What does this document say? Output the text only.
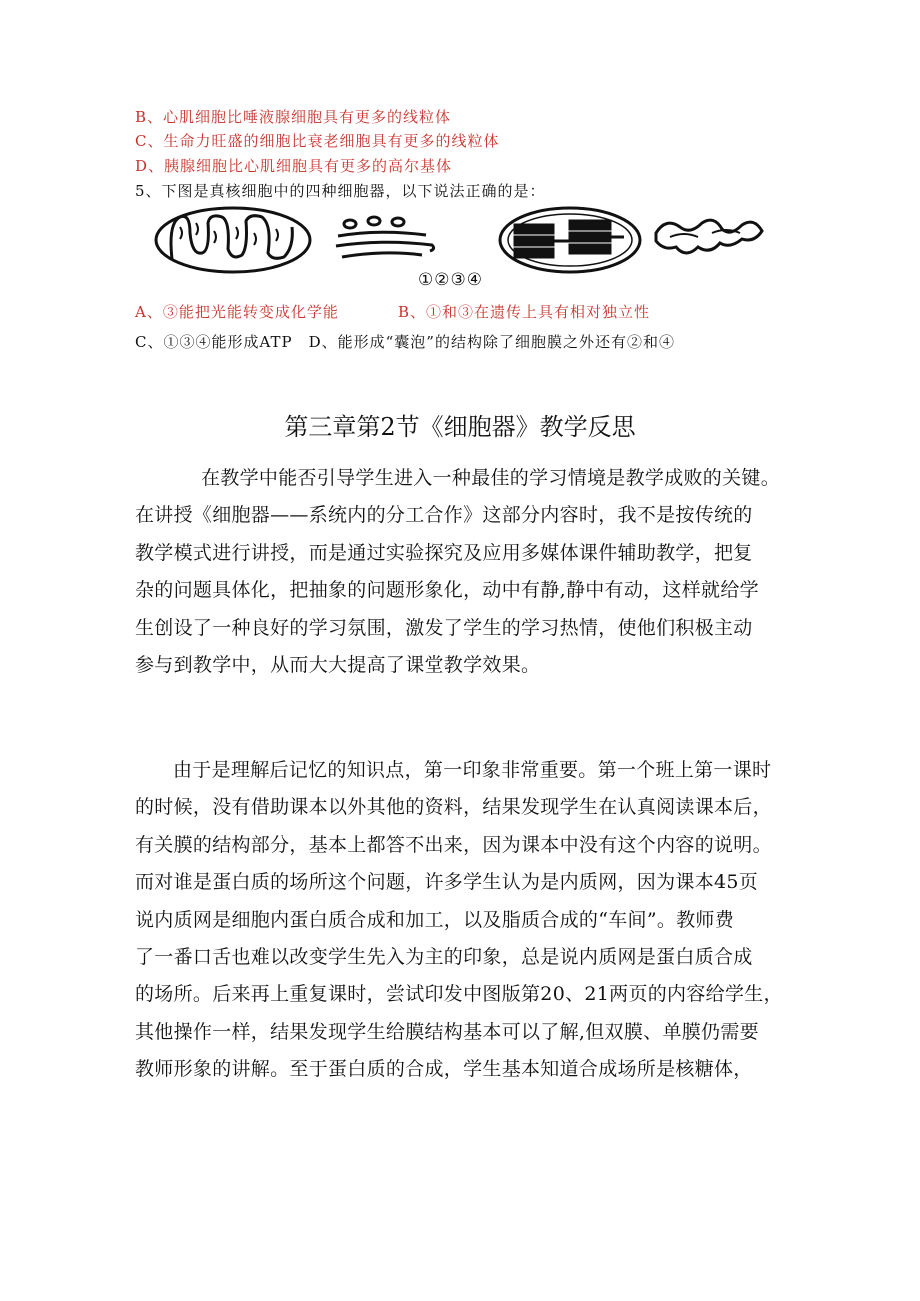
B、心肌细胞比唾液腺细胞具有更多的线粒体
C、生命力旺盛的细胞比衰老细胞具有更多的线粒体
D、胰腺细胞比心肌细胞具有更多的高尔基体
5、下图是真核细胞中的四种细胞器，以下说法正确的是：
①②③④
A、③能把光能转变成化学能	B、①和③在遗传上具有相对独立性
C、①③④能形成ATP　D、能形成“囊泡”的结构除了细胞膜之外还有②和④
第三章第2节《细胞器》教学反思
在教学中能否引导学生进入一种最佳的学习情境是教学成败的关键。
在讲授《细胞器——系统内的分工合作》这部分内容时，我不是按传统的
教学模式进行讲授，而是通过实验探究及应用多媒体课件辅助教学，把复
杂的问题具体化，把抽象的问题形象化，动中有静,静中有动，这样就给学
生创设了一种良好的学习氛围，激发了学生的学习热情，使他们积极主动
参与到教学中，从而大大提高了课堂教学效果。
由于是理解后记忆的知识点，第一印象非常重要。第一个班上第一课时
的时候，没有借助课本以外其他的资料，结果发现学生在认真阅读课本后，
有关膜的结构部分，基本上都答不出来，因为课本中没有这个内容的说明。
而对谁是蛋白质的场所这个问题，许多学生认为是内质网，因为课本45页
说内质网是细胞内蛋白质合成和加工，以及脂质合成的“车间”。教师费
了一番口舌也难以改变学生先入为主的印象，总是说内质网是蛋白质合成
的场所。后来再上重复课时，尝试印发中图版第20、21两页的内容给学生，
其他操作一样，结果发现学生给膜结构基本可以了解,但双膜、单膜仍需要
教师形象的讲解。至于蛋白质的合成，学生基本知道合成场所是核糖体，
